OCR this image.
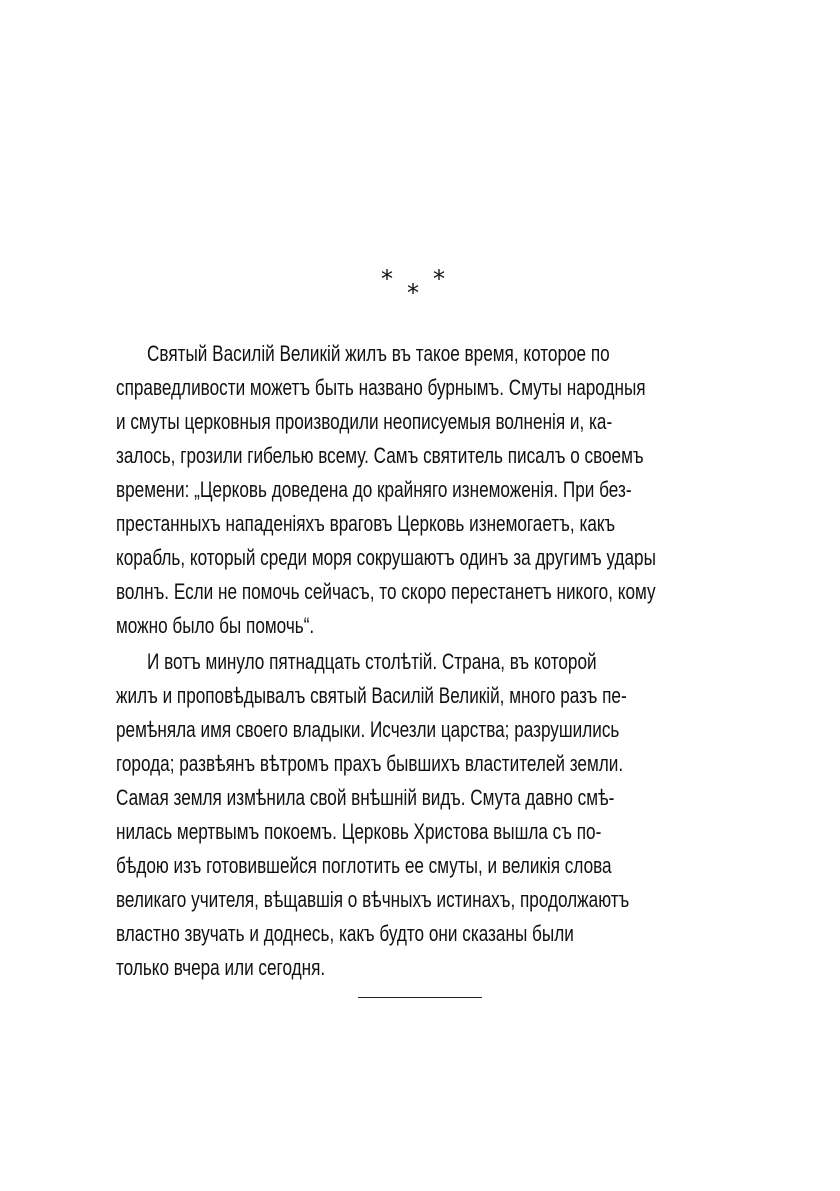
***
Святый Василій Великій жилъ въ такое время, которое по
справедливости можетъ быть названо бурнымъ. Смуты народныя
и смуты церковныя производили неописуемыя волненія и, ка-
залось, грозили гибелью всему. Самъ святитель писалъ о своемъ
времени: „Церковь доведена до крайняго изнеможенія. При без-
престанныхъ нападеніяхъ враговъ Церковь изнемогаетъ, какъ
корабль, который среди моря сокрушаютъ одинъ за другимъ удары
волнъ. Если не помочь сейчасъ, то скоро перестанетъ никого, кому
можно было бы помочь“.
И вотъ минуло пятнадцать столѣтій. Страна, въ которой
жилъ и проповѣдывалъ святый Василій Великій, много разъ пе-
ремѣняла имя своего владыки. Исчезли царства; разрушились
города; развѣянъ вѣтромъ прахъ бывшихъ властителей земли.
Самая земля измѣнила свой внѣшній видъ. Смута давно смѣ-
нилась мертвымъ покоемъ. Церковь Христова вышла съ по-
бѣдою изъ готовившейся поглотить ее смуты, и великія слова
великаго учителя, вѣщавшія о вѣчныхъ истинахъ, продолжаютъ
властно звучать и доднесь, какъ будто они сказаны были
только вчера или сегодня.
